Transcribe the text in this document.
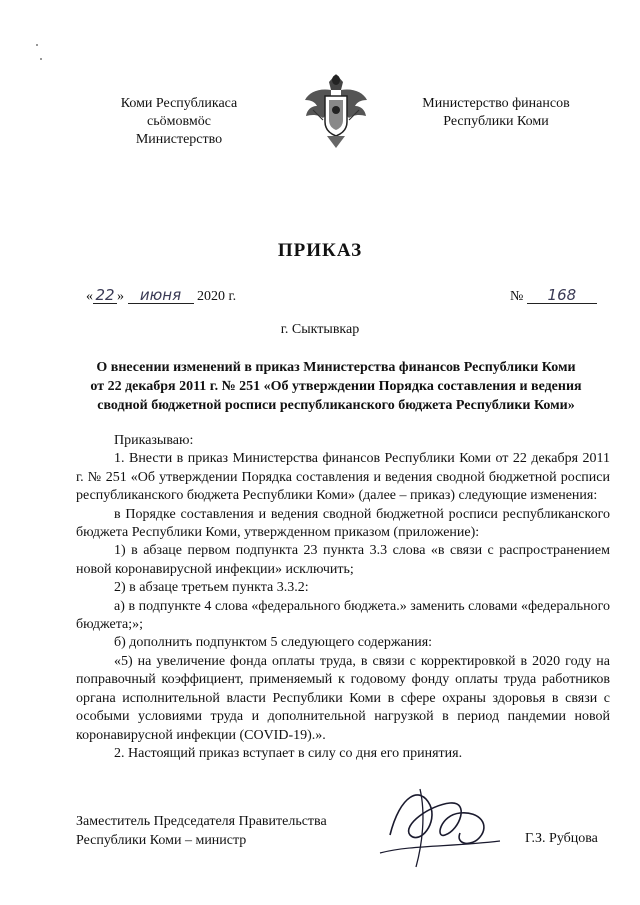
Коми Республикаса
сьӧмовмӧс
Министерство
Министерство финансов
Республики Коми
ПРИКАЗ
« 22 » июня 2020 г.	№ 168
г. Сыктывкар
О внесении изменений в приказ Министерства финансов Республики Коми
от 22 декабря 2011 г. № 251 «Об утверждении Порядка составления и ведения
сводной бюджетной росписи республиканского бюджета Республики Коми»

Приказываю:

1. Внести в приказ Министерства финансов Республики Коми от 22 декабря 2011 г. № 251 «Об утверждении Порядка составления и ведения сводной бюджетной росписи республиканского бюджета Республики Коми» (далее – приказ) следующие изменения:

в Порядке составления и ведения сводной бюджетной росписи республиканского бюджета Республики Коми, утвержденном приказом (приложение):

1) в абзаце первом подпункта 23 пункта 3.3 слова «в связи с распространением новой коронавирусной инфекции» исключить;

2) в абзаце третьем пункта 3.3.2:

а) в подпункте 4 слова «федерального бюджета.» заменить словами «федерального бюджета;»;

б) дополнить подпунктом 5 следующего содержания:

«5) на увеличение фонда оплаты труда, в связи с корректировкой в 2020 году на поправочный коэффициент, применяемый к годовому фонду оплаты труда работников органа исполнительной власти Республики Коми в сфере охраны здоровья в связи с особыми условиями труда и дополнительной нагрузкой в период пандемии новой коронавирусной инфекции (COVID-19).».

2. Настоящий приказ вступает в силу со дня его принятия.

Заместитель Председателя Правительства
Республики Коми – министр	Г.З. Рубцова
